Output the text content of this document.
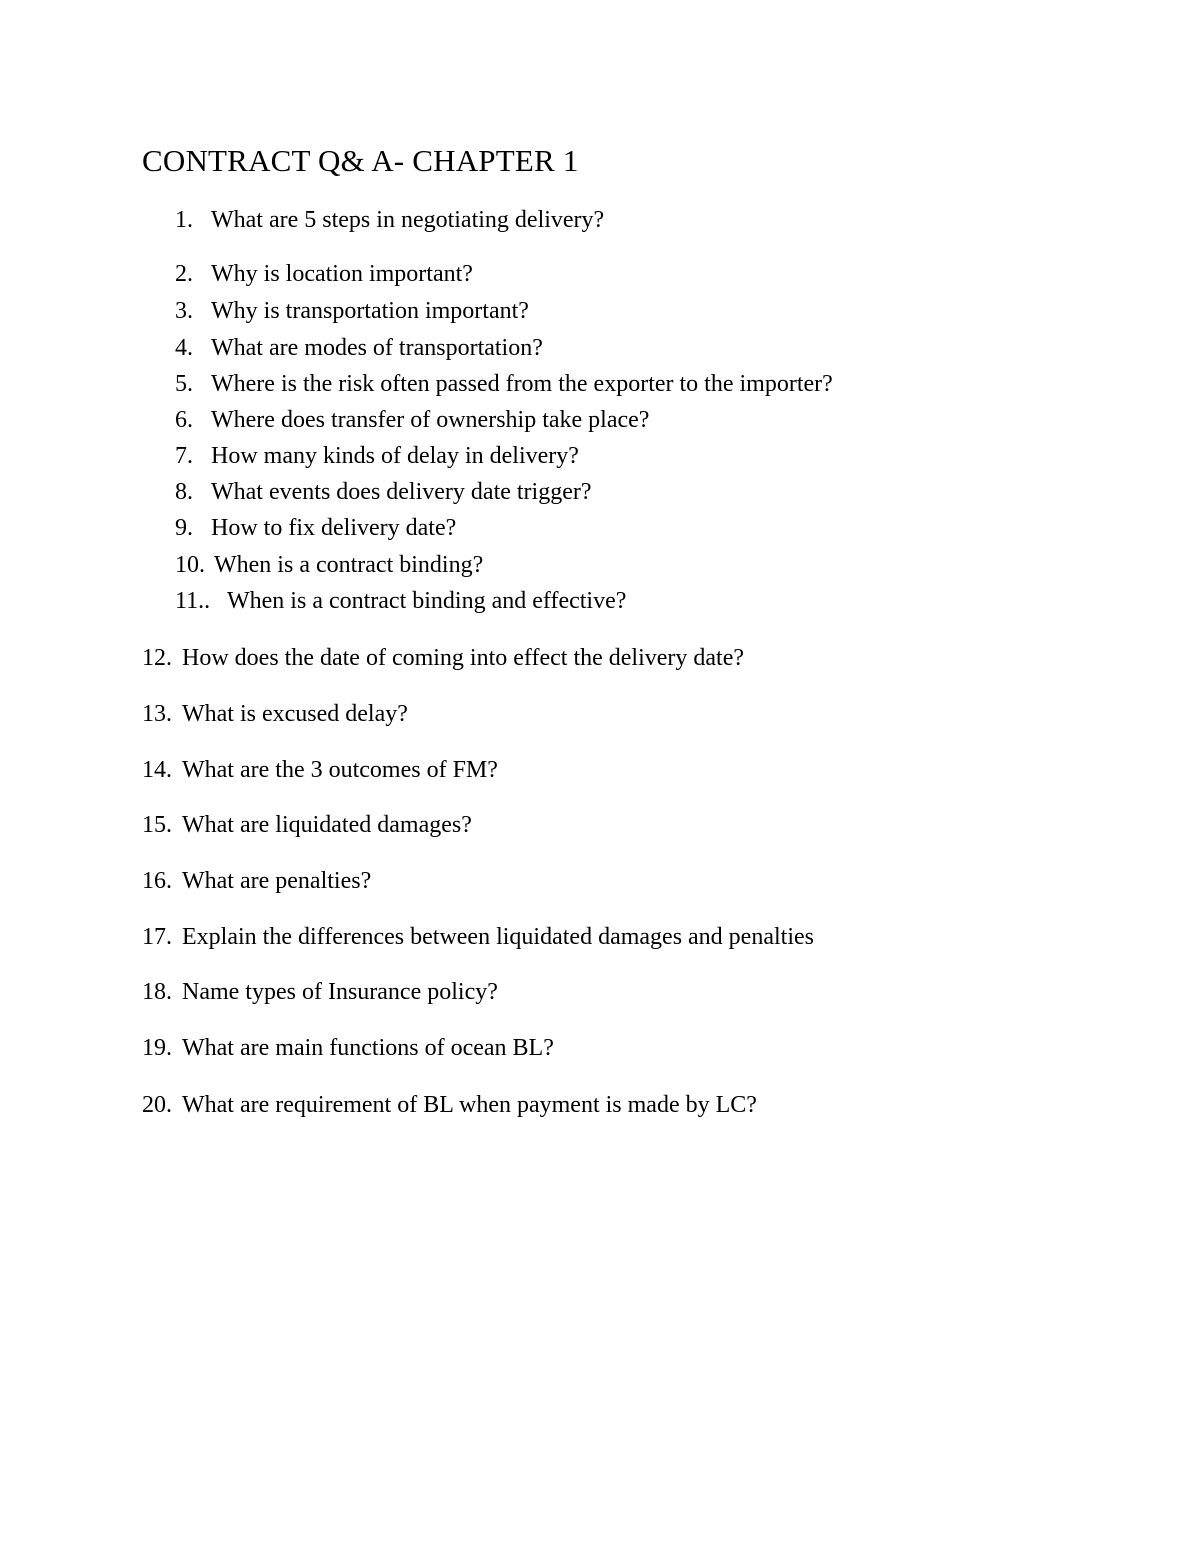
CONTRACT Q& A- CHAPTER 1
1. What are 5 steps in negotiating delivery?
2. Why is location important?
3. Why is transportation important?
4. What are modes of transportation?
5. Where is the risk often passed from the exporter to the importer?
6. Where does transfer of ownership take place?
7. How many kinds of delay in delivery?
8. What events does delivery date trigger?
9. How to fix delivery date?
10. When is a contract binding?
11.. When is a contract binding and effective?
12. How does the date of coming into effect the delivery date?
13. What is excused delay?
14. What are the 3 outcomes of FM?
15. What are liquidated damages?
16. What are penalties?
17. Explain the differences between liquidated damages and penalties
18. Name types of Insurance policy?
19. What are main functions of ocean BL?
20. What are requirement of BL when payment is made by LC?
